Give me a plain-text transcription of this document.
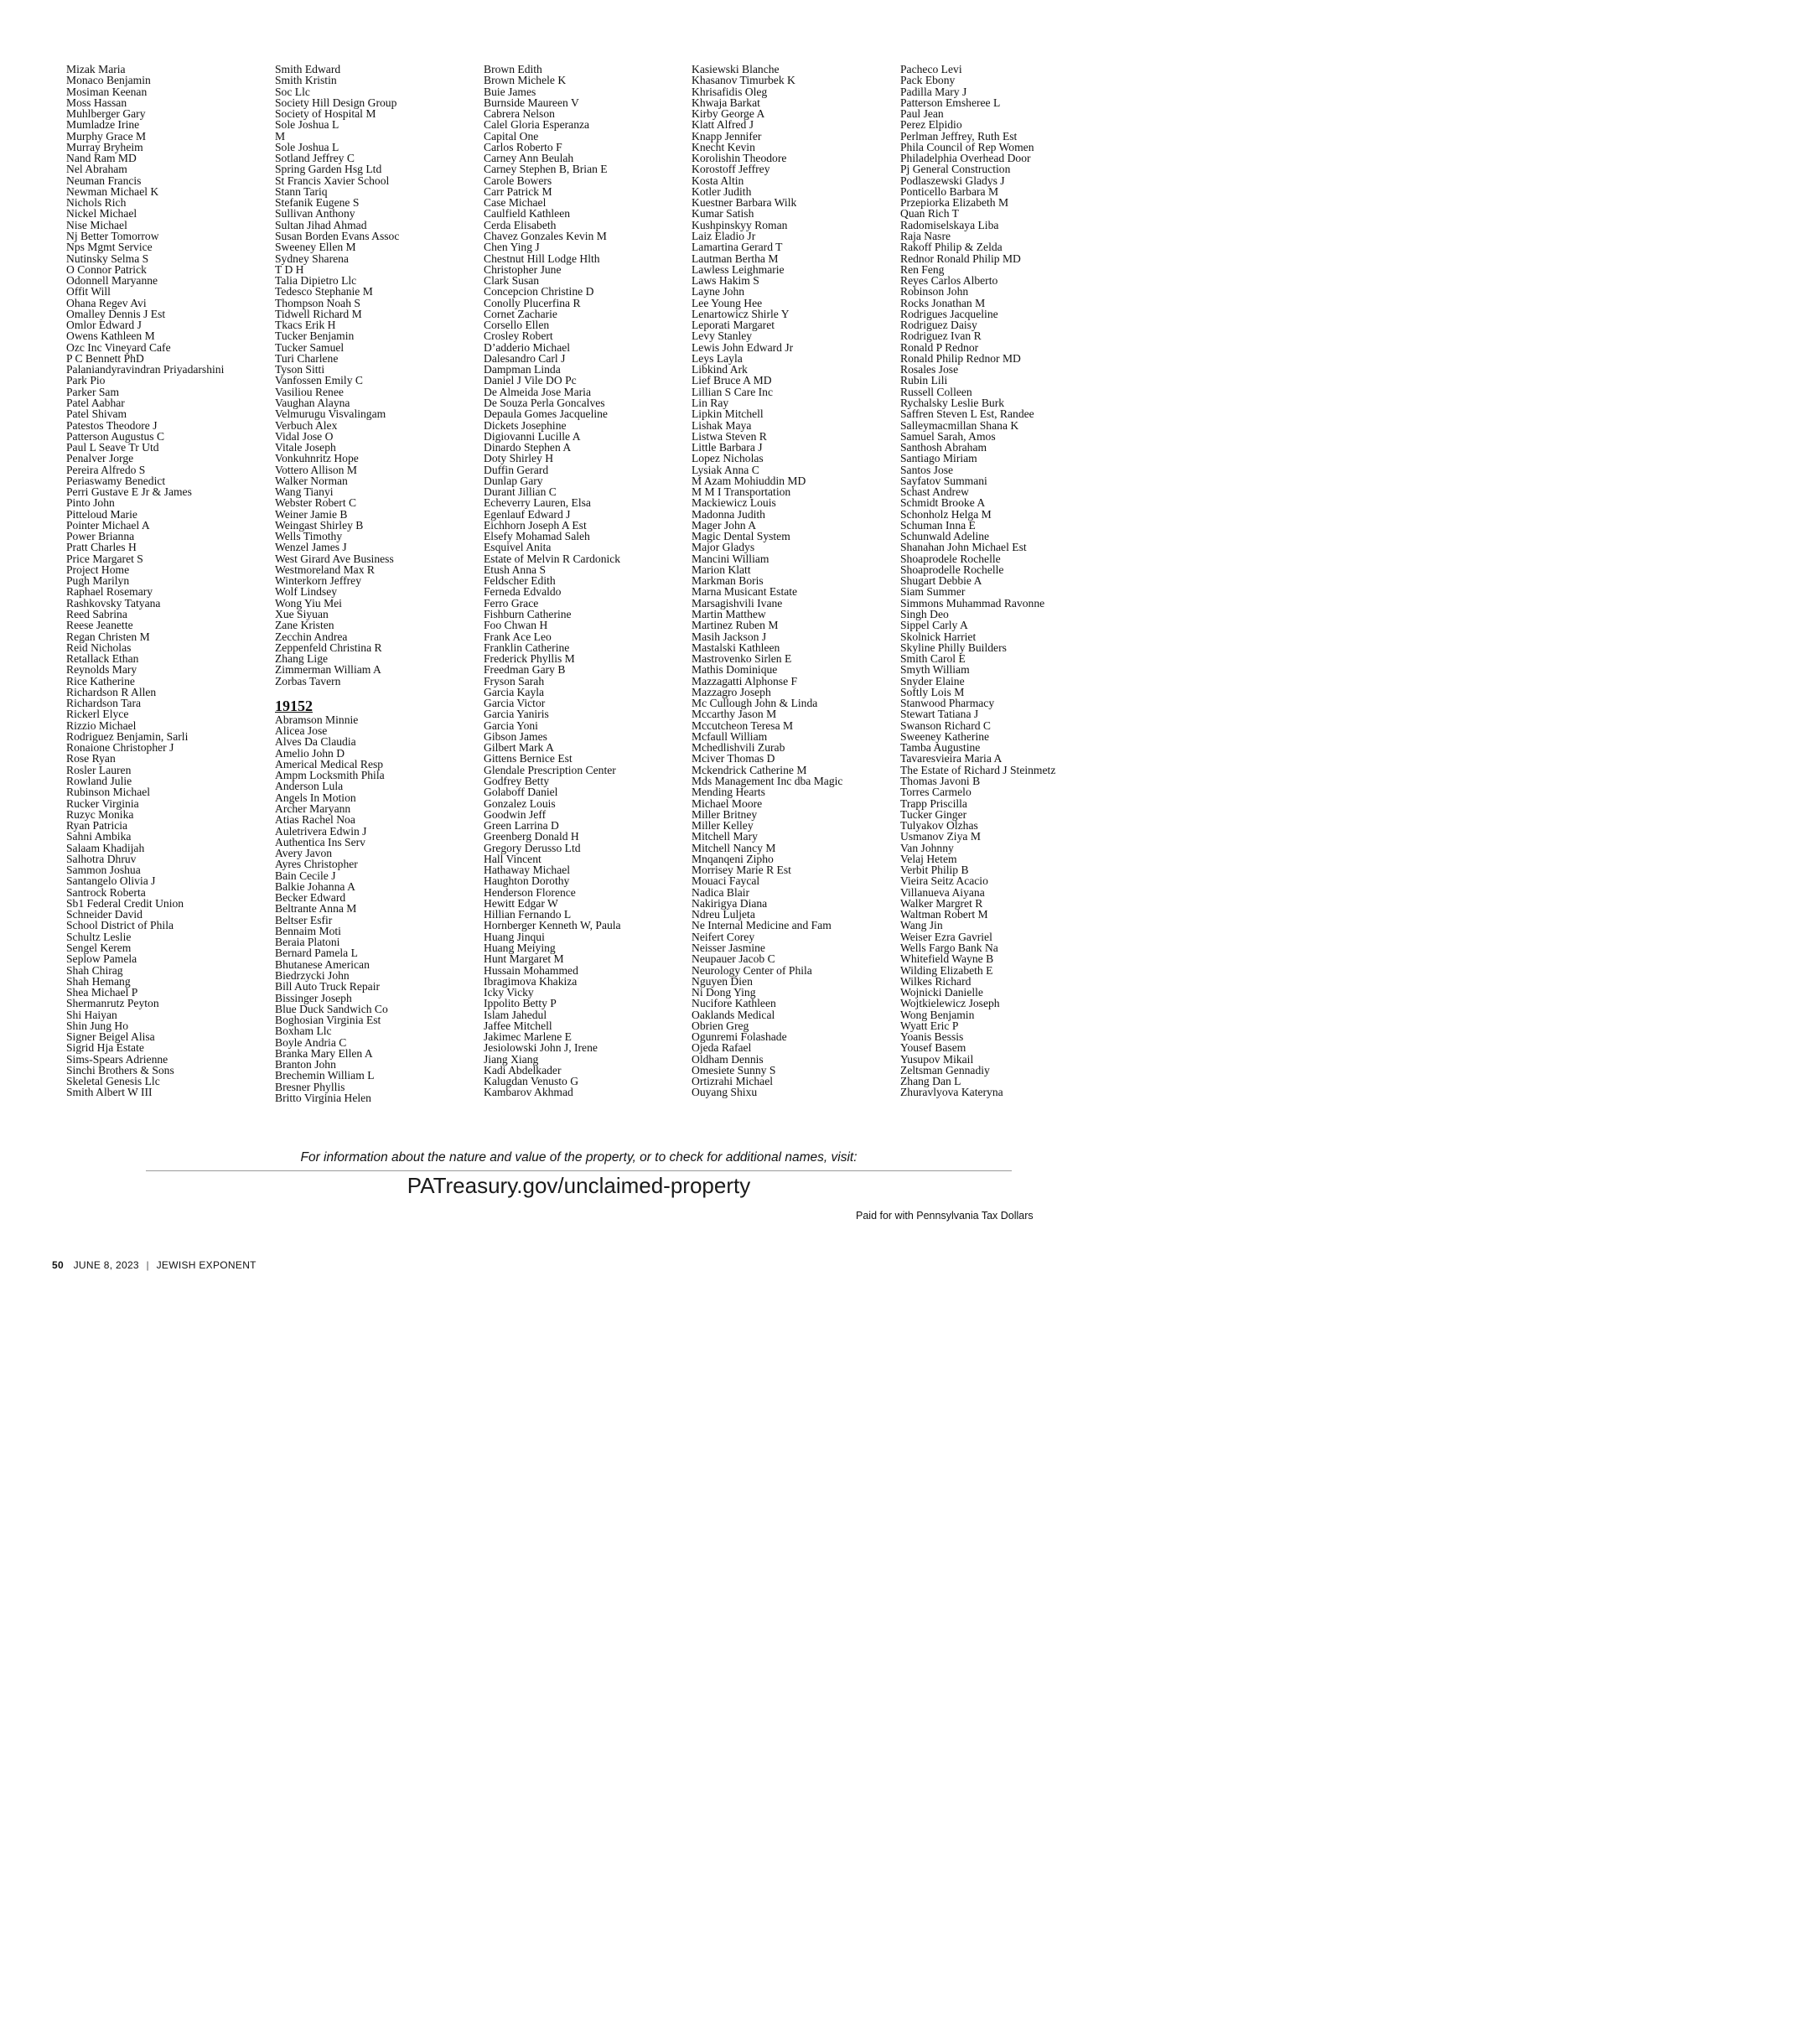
Mizak Maria
Monaco Benjamin
Mosiman Keenan
Moss Hassan
Muhlberger Gary
Mumladze Irine
Murphy Grace M
Murray Bryheim
Nand Ram MD
Nel Abraham
Neuman Francis
Newman Michael K
Nichols Rich
Nickel Michael
Nise Michael
Nj Better Tomorrow
Nps Mgmt Service
Nutinsky Selma S
O Connor Patrick
Odonnell Maryanne
Offit Will
Ohana Regev Avi
Omalley Dennis J Est
Omlor Edward J
Owens Kathleen M
Ozc Inc Vineyard Cafe
P C Bennett PhD
Palaniandyravindran Priyadarshini
Park Pio
Parker Sam
Patel Aabhar
Patel Shivam
Patestos Theodore J
Patterson Augustus C
Paul L Seave Tr Utd
Penalver Jorge
Pereira Alfredo S
Periaswamy Benedict
Perri Gustave E Jr & James
Pinto John
Pitteloud Marie
Pointer Michael A
Power Brianna
Pratt Charles H
Price Margaret S
Project Home
Pugh Marilyn
Raphael Rosemary
Rashkovsky Tatyana
Reed Sabrina
Reese Jeanette
Regan Christen M
Reid Nicholas
Retallack Ethan
Reynolds Mary
Rice Katherine
Richardson R Allen
Richardson Tara
Rickerl Elyce
Rizzio Michael
Rodriguez Benjamin, Sarli
Ronaione Christopher J
Rose Ryan
Rosler Lauren
Rowland Julie
Rubinson Michael
Rucker Virginia
Ruzyc Monika
Ryan Patricia
Sahni Ambika
Salaam Khadijah
Salhotra Dhruv
Sammon Joshua
Santangelo Olivia J
Santrock Roberta
Sb1 Federal Credit Union
Schneider David
School District of Phila
Schultz Leslie
Sengel Kerem
Seplow Pamela
Shah Chirag
Shah Hemang
Shea Michael P
Shermanrutz Peyton
Shi Haiyan
Shin Jung Ho
Signer Beigel Alisa
Sigrid Hja Estate
Sims-Spears Adrienne
Sinchi Brothers & Sons
Skeletal Genesis Llc
Smith Albert W III
Smith Edward
Smith Kristin
Soc Llc
Society Hill Design Group
Society of Hospital M
Sole Joshua L
M
Sole Joshua L
Sotland Jeffrey C
Spring Garden Hsg Ltd
St Francis Xavier School
Stann Tariq
Stefanik Eugene S
Sullivan Anthony
Sultan Jihad Ahmad
Susan Borden Evans Assoc
Sweeney Ellen M
Sydney Sharena
T D H
Talia Dipietro Llc
Tedesco Stephanie M
Thompson Noah S
Tidwell Richard M
Tkacs Erik H
Tucker Benjamin
Tucker Samuel
Turi Charlene
Tyson Sitti
Vanfossen Emily C
Vasiliou Renee
Vaughan Alayna
Velmurugu Visvalingam
Verbuch Alex
Vidal Jose O
Vitale Joseph
Vonkuhnritz Hope
Vottero Allison M
Walker Norman
Wang Tianyi
Webster Robert C
Weiner Jamie B
Weingast Shirley B
Wells Timothy
Wenzel James J
West Girard Ave Business
Westmoreland Max R
Winterkorn Jeffrey
Wolf Lindsey
Wong Yiu Mei
Xue Siyuan
Zane Kristen
Zecchin Andrea
Zeppenfeld Christina R
Zhang Lige
Zimmerman William A
Zorbas Tavern
19152
Abramson Minnie
Alicea Jose
Alves Da Claudia
Amelio John D
Americal Medical Resp
Ampm Locksmith Phila
Anderson Lula
Angels In Motion
Archer Maryann
Atias Rachel Noa
Auletrivera Edwin J
Authentica Ins Serv
Avery Javon
Ayres Christopher
Bain Cecile J
Balkie Johanna A
Becker Edward
Beltrante Anna M
Beltser Esfir
Bennaim Moti
Beraia Platoni
Bernard Pamela L
Bhutanese American
Biedrzycki John
Bill Auto Truck Repair
Bissinger Joseph
Blue Duck Sandwich Co
Boghosian Virginia Est
Boxham Llc
Boyle Andria C
Branka Mary Ellen A
Branton John
Brechemin William L
Bresner Phyllis
Britto Virginia Helen
Brown Edith
Brown Michele K
Buie James
Burnside Maureen V
Cabrera Nelson
Calel Gloria Esperanza
Capital One
Carlos Roberto F
Carney Ann Beulah
Carney Stephen B, Brian E
Carole Bowers
Carr Patrick M
Case Michael
Caulfield Kathleen
Cerda Elisabeth
Chavez Gonzales Kevin M
Chen Ying J
Chestnut Hill Lodge Hlth
Christopher June
Clark Susan
Concepcion Christine D
Conolly Plucerfina R
Cornet Zacharie
Corsello Ellen
Crosley Robert
D’adderio Michael
Dalesandro Carl J
Dampman Linda
Daniel J Vile DO Pc
De Almeida Jose Maria
De Souza Perla Goncalves
Depaula Gomes Jacqueline
Dickets Josephine
Digiovanni Lucille A
Dinardo Stephen A
Doty Shirley H
Duffin Gerard
Dunlap Gary
Durant Jillian C
Echeverry Lauren, Elsa
Egenlauf Edward J
Eichhorn Joseph A Est
Elsefy Mohamad Saleh
Esquivel Anita
Estate of Melvin R Cardonick
Etush Anna S
Feldscher Edith
Ferneda Edvaldo
Ferro Grace
Fishburn Catherine
Foo Chwan H
Frank Ace Leo
Franklin Catherine
Frederick Phyllis M
Freedman Gary B
Fryson Sarah
Garcia Kayla
Garcia Victor
Garcia Yaniris
Garcia Yoni
Gibson James
Gilbert Mark A
Gittens Bernice Est
Glendale Prescription Center
Godfrey Betty
Golaboff Daniel
Gonzalez Louis
Goodwin Jeff
Green Larrina D
Greenberg Donald H
Gregory Derusso Ltd
Hall Vincent
Hathaway Michael
Haughton Dorothy
Henderson Florence
Hewitt Edgar W
Hillian Fernando L
Hornberger Kenneth W, Paula
Huang Jinqui
Huang Meiying
Hunt Margaret M
Hussain Mohammed
Ibragimova Khakiza
Icky Vicky
Ippolito Betty P
Islam Jahedul
Jaffee Mitchell
Jakimec Marlene E
Jesiolowski John J, Irene
Jiang Xiang
Kadi Abdelkader
Kalugdan Venusto G
Kambarov Akhmad
Kasiewski Blanche
Khasanov Timurbek K
Khrisafidis Oleg
Khwaja Barkat
Kirby George A
Klatt Alfred J
Knapp Jennifer
Knecht Kevin
Korolishin Theodore
Korostoff Jeffrey
Kosta Altin
Kotler Judith
Kuestner Barbara Wilk
Kumar Satish
Kushpinskyy Roman
Laiz Eladio Jr
Lamartina Gerard T
Lautman Bertha M
Lawless Leighmarie
Laws Hakim S
Layne John
Lee Young Hee
Lenartowicz Shirle Y
Leporati Margaret
Levy Stanley
Lewis John Edward Jr
Leys Layla
Libkind Ark
Lief Bruce A MD
Lillian S Care Inc
Lin Ray
Lipkin Mitchell
Lishak Maya
Listwa Steven R
Little Barbara J
Lopez Nicholas
Lysiak Anna C
M Azam Mohiuddin MD
M M I Transportation
Mackiewicz Louis
Madonna Judith
Mager John A
Magic Dental System
Major Gladys
Mancini William
Marion Klatt
Markman Boris
Marna Musicant Estate
Marsagishvili Ivane
Martin Matthew
Martinez Ruben M
Masih Jackson J
Mastalski Kathleen
Mastrovenko Sirlen E
Mathis Dominique
Mazzagatti Alphonse F
Mazzagro Joseph
Mc Cullough John & Linda
Mccarthy Jason M
Mccutcheon Teresa M
Mcfaull William
Mchedlishvili Zurab
Mciver Thomas D
Mckendrick Catherine M
Mds Management Inc dba Magic
Mending Hearts
Michael Moore
Miller Britney
Miller Kelley
Mitchell Mary
Mitchell Nancy M
Mnqanqeni Zipho
Morrisey Marie R Est
Mouaci Faycal
Nadica Blair
Nakirigya Diana
Ndreu Luljeta
Ne Internal Medicine and Fam
Neifert Corey
Neisser Jasmine
Neupauer Jacob C
Neurology Center of Phila
Nguyen Dien
Ni Dong Ying
Nucifore Kathleen
Oaklands Medical
Obrien Greg
Ogunremi Folashade
Ojeda Rafael
Oldham Dennis
Omesiete Sunny S
Ortizrahi Michael
Ouyang Shixu
Pacheco Levi
Pack Ebony
Padilla Mary J
Patterson Emsheree L
Paul Jean
Perez Elpidio
Perlman Jeffrey, Ruth Est
Phila Council of Rep Women
Philadelphia Overhead Door
Pj General Construction
Podlaszewski Gladys J
Ponticello Barbara M
Przepiorka Elizabeth M
Quan Rich T
Radomiselskaya Liba
Raja Nasre
Rakoff Philip & Zelda
Rednor Ronald Philip MD
Ren Feng
Reyes Carlos Alberto
Robinson John
Rocks Jonathan M
Rodrigues Jacqueline
Rodriguez Daisy
Rodriguez Ivan R
Ronald P Rednor
Ronald Philip Rednor MD
Rosales Jose
Rubin Lili
Russell Colleen
Rychalsky Leslie Burk
Saffren Steven L Est, Randee
Salleymacmillan Shana K
Samuel Sarah, Amos
Santhosh Abraham
Santiago Miriam
Santos Jose
Sayfatov Summani
Schast Andrew
Schmidt Brooke A
Schonholz Helga M
Schuman Inna E
Schunwald Adeline
Shanahan John Michael Est
Shoaprodele Rochelle
Shoaprodelle Rochelle
Shugart Debbie A
Siam Summer
Simmons Muhammad Ravonne
Singh Deo
Sippel Carly A
Skolnick Harriet
Skyline Philly Builders
Smith Carol E
Smyth William
Snyder Elaine
Softly Lois M
Stanwood Pharmacy
Stewart Tatiana J
Swanson Richard C
Sweeney Katherine
Tamba Augustine
Tavaresvieira Maria A
The Estate of Richard J Steinmetz
Thomas Javoni B
Torres Carmelo
Trapp Priscilla
Tucker Ginger
Tulyakov Olzhas
Usmanov Ziya M
Van Johnny
Velaj Hetem
Verbit Philip B
Vieira Seitz Acacio
Villanueva Aiyana
Walker Margret R
Waltman Robert M
Wang Jin
Weiser Ezra Gavriel
Wells Fargo Bank Na
Whitefield Wayne B
Wilding Elizabeth E
Wilkes Richard
Wojnicki Danielle
Wojtkielewicz Joseph
Wong Benjamin
Wyatt Eric P
Yoanis Bessis
Yousef Basem
Yusupov Mikail
Zeltsman Gennadiy
Zhang Dan L
Zhuravlyova Kateryna
For information about the nature and value of the property, or to check for additional names, visit:
PATreasury.gov/unclaimed-property
Paid for with Pennsylvania Tax Dollars
50 JUNE 8, 2023 | JEWISH EXPONENT
